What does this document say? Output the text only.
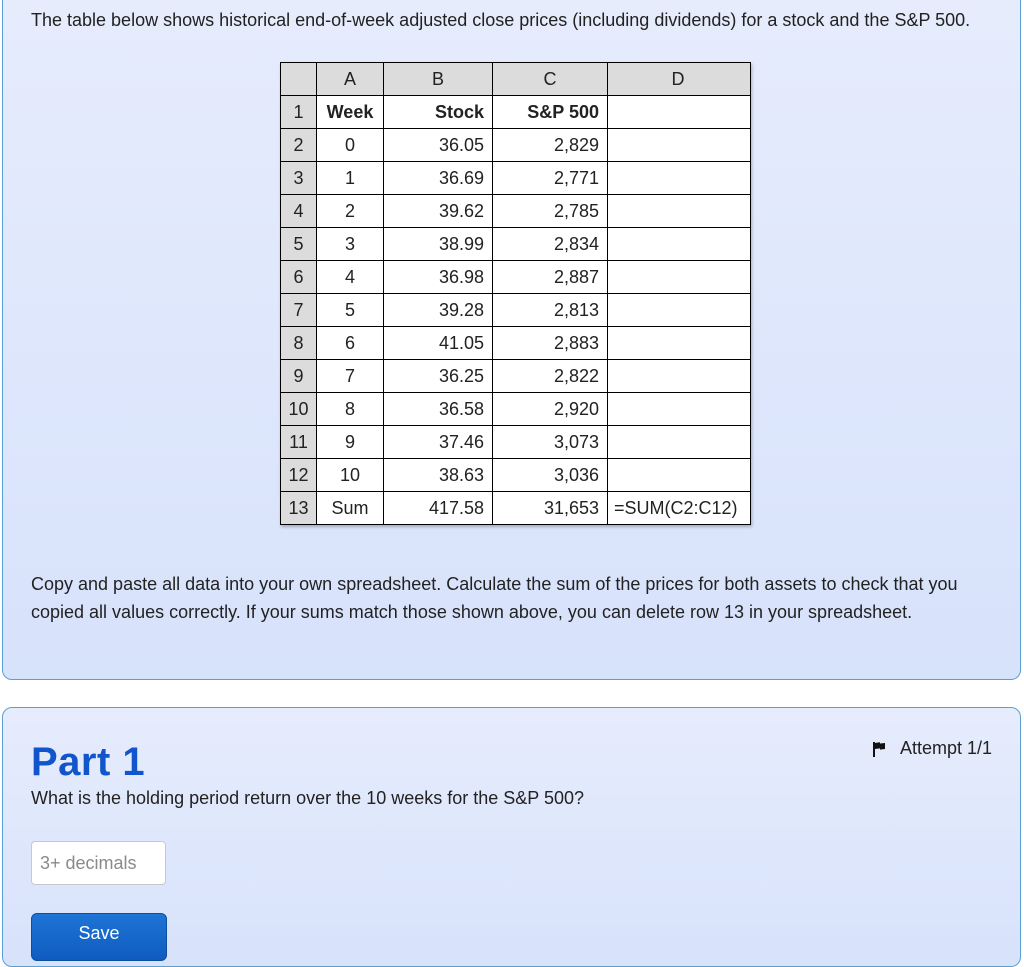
The table below shows historical end-of-week adjusted close prices (including dividends) for a stock and the S&P 500.

	A	B	C	D
1	Week	Stock	S&P 500	
2	0	36.05	2,829	
3	1	36.69	2,771	
4	2	39.62	2,785	
5	3	38.99	2,834	
6	4	36.98	2,887	
7	5	39.28	2,813	
8	6	41.05	2,883	
9	7	36.25	2,822	
10	8	36.58	2,920	
11	9	37.46	3,073	
12	10	38.63	3,036	
13	Sum	417.58	31,653	=SUM(C2:C12)

Copy and paste all data into your own spreadsheet. Calculate the sum of the prices for both assets to check that you copied all values correctly. If your sums match those shown above, you can delete row 13 in your spreadsheet.

Part 1	Attempt 1/1

What is the holding period return over the 10 weeks for the S&P 500?

3+ decimals
Save
